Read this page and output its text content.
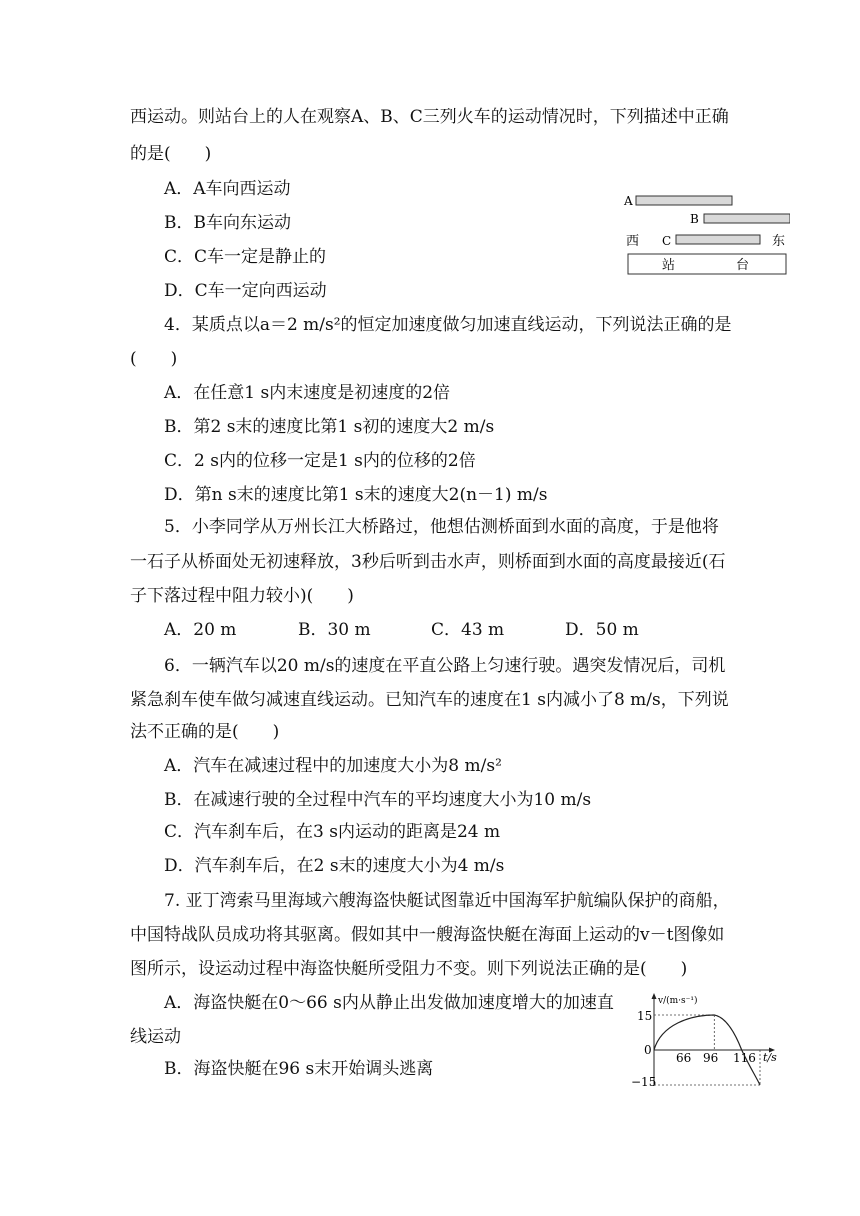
西运动。则站台上的人在观察A、B、C三列火车的运动情况时，下列描述中正确
的是(　　)
A．A车向西运动
B．B车向东运动
C．C车一定是静止的
D．C车一定向西运动
4．某质点以a＝2 m/s²的恒定加速度做匀加速直线运动，下列说法正确的是
(　　)
A．在任意1 s内末速度是初速度的2倍
B．第2 s末的速度比第1 s初的速度大2 m/s
C．2 s内的位移一定是1 s内的位移的2倍
D．第n s末的速度比第1 s末的速度大2(n－1) m/s
5．小李同学从万州长江大桥路过，他想估测桥面到水面的高度，于是他将
一石子从桥面处无初速释放，3秒后听到击水声，则桥面到水面的高度最接近(石
子下落过程中阻力较小)(　　)
A．20 m	B．30 m	C．43 m	D．50 m
6．一辆汽车以20 m/s的速度在平直公路上匀速行驶。遇突发情况后，司机
紧急刹车使车做匀减速直线运动。已知汽车的速度在1 s内减小了8 m/s，下列说
法不正确的是(　　)
A．汽车在减速过程中的加速度大小为8 m/s²
B．在减速行驶的全过程中汽车的平均速度大小为10 m/s
C．汽车刹车后，在3 s内运动的距离是24 m
D．汽车刹车后，在2 s末的速度大小为4 m/s
7. 亚丁湾索马里海域六艘海盗快艇试图靠近中国海军护航编队保护的商船，
中国特战队员成功将其驱离。假如其中一艘海盗快艇在海面上运动的v－t图像如
图所示，设运动过程中海盗快艇所受阻力不变。则下列说法正确的是(　　)
A．海盗快艇在0～66 s内从静止出发做加速度增大的加速直
线运动
B．海盗快艇在96 s末开始调头逃离
A
B
西 C	东
站	台
v/(m·s⁻¹)
t/s
15
0
−15
66 96 116
